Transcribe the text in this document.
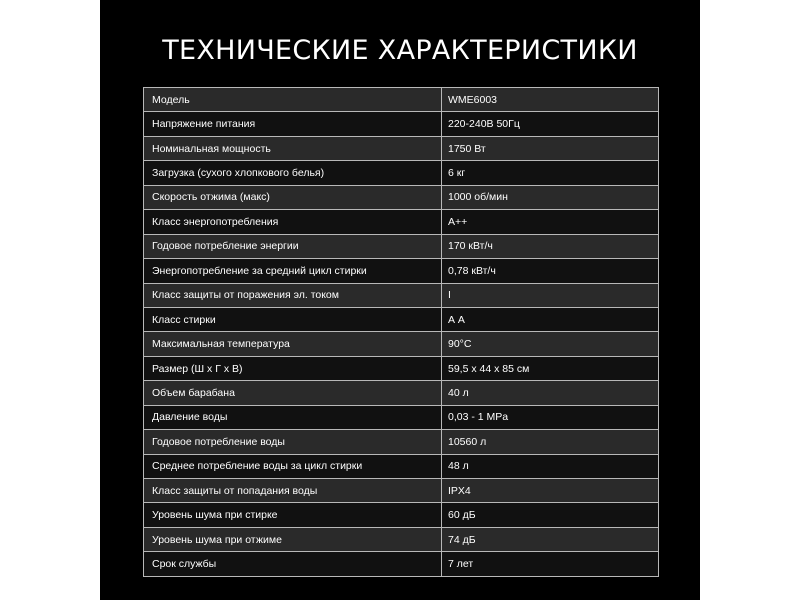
ТЕХНИЧЕСКИЕ ХАРАКТЕРИСТИКИ
Модель	WME6003
Напряжение питания	220-240В 50Гц
Номинальная мощность	1750 Вт
Загрузка (сухого хлопкового белья)	6 кг
Скорость отжима (макс)	1000 об/мин
Класс энергопотребления	А++
Годовое потребление энергии	170 кВт/ч
Энергопотребление за средний цикл стирки	0,78 кВт/ч
Класс защиты от поражения эл. током	I
Класс стирки	А А
Максимальная температура	90°С
Размер (Ш х Г х В)	59,5 х 44 х 85 см
Объем барабана	40 л
Давление воды	0,03 - 1 MPa
Годовое потребление воды	10560 л
Среднее потребление воды за цикл стирки	48 л
Класс защиты от попадания воды	IPX4
Уровень шума при стирке	60 дБ
Уровень шума при отжиме	74 дБ
Срок службы	7 лет
